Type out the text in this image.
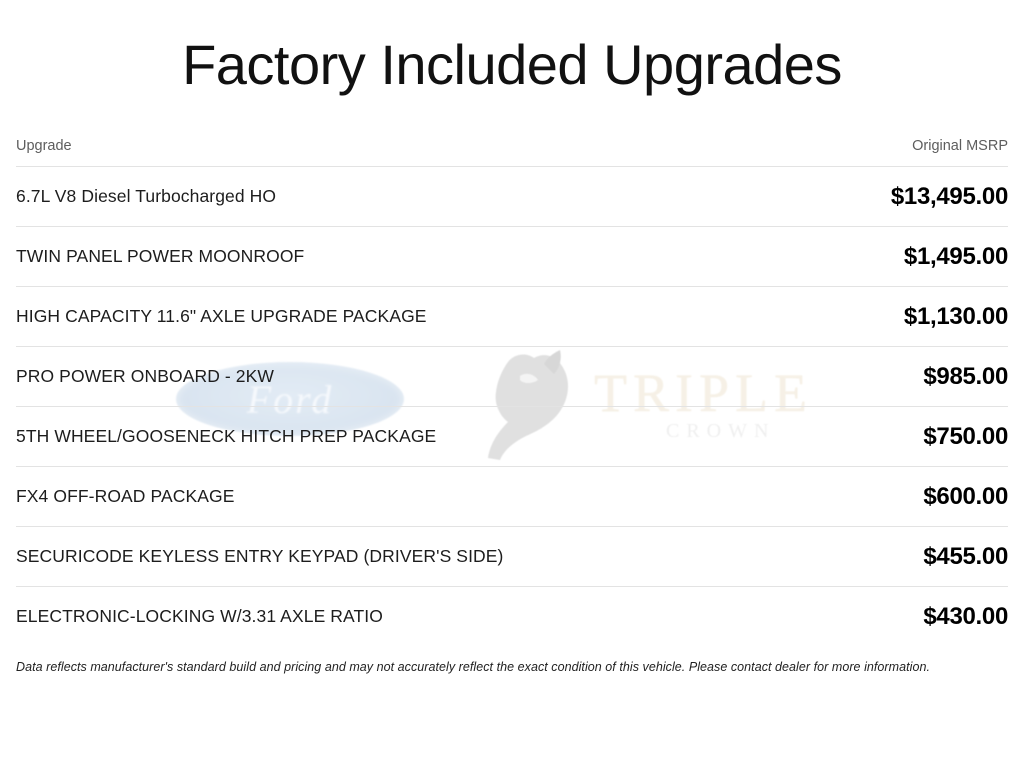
Ford	TRIPLE
CROWN
Factory Included Upgrades
Upgrade	Original MSRP
6.7L V8 Diesel Turbocharged HO	$13,495.00
TWIN PANEL POWER MOONROOF	$1,495.00
HIGH CAPACITY 11.6" AXLE UPGRADE PACKAGE	$1,130.00
PRO POWER ONBOARD - 2KW	$985.00
5TH WHEEL/GOOSENECK HITCH PREP PACKAGE	$750.00
FX4 OFF-ROAD PACKAGE	$600.00
SECURICODE KEYLESS ENTRY KEYPAD (DRIVER'S SIDE)	$455.00
ELECTRONIC-LOCKING W/3.31 AXLE RATIO	$430.00
Data reflects manufacturer's standard build and pricing and may not accurately reflect the exact condition of this vehicle. Please contact dealer for more information.
